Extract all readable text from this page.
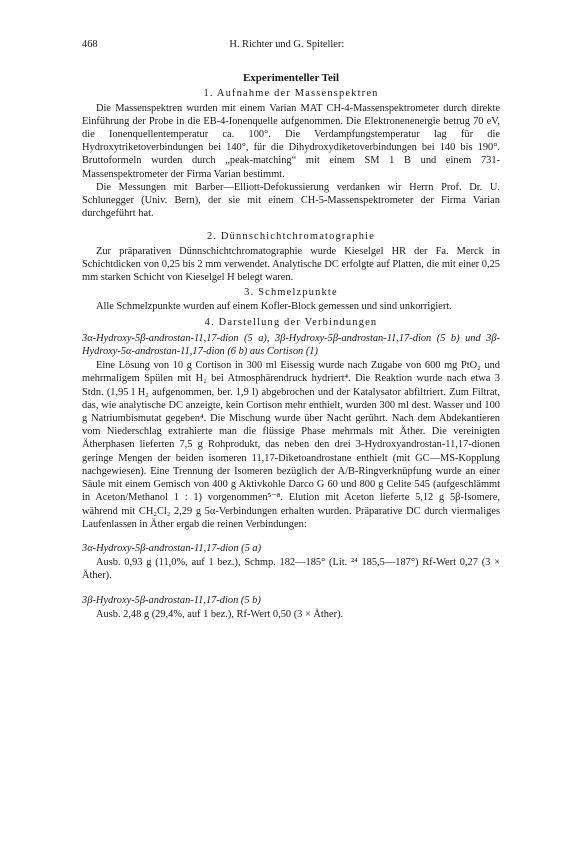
468	H. Richter und G. Spiteller:
Experimenteller Teil
1. Aufnahme der Massenspektren

Die Massenspektren wurden mit einem Varian MAT CH-4-Massenspektrometer durch direkte Einführung der Probe in die EB-4-Ionenquelle aufgenommen. Die Elektronenenergie betrug 70 eV, die Ionenquellentemperatur ca. 100°. Die Verdampfungstemperatur lag für die Hydroxytriketoverbindungen bei 140°, für die Dihydroxydiketoverbindungen bei 140 bis 190°. Bruttoformeln wurden durch „peak-matching“ mit einem SM 1 B und einem 731-Massenspektrometer der Firma Varian bestimmt.

Die Messungen mit Barber—Elliott-Defokussierung verdanken wir Herrn Prof. Dr. U. Schlunegger (Univ. Bern), der sie mit einem CH-5-Massenspektrometer der Firma Varian durchgeführt hat.

2. Dünnschichtchromatographie

Zur präparativen Dünnschichtchromatographie wurde Kieselgel HR der Fa. Merck in Schichtdicken von 0,25 bis 2 mm verwendet. Analytische DC erfolgte auf Platten, die mit einer 0,25 mm starken Schicht von Kieselgel H belegt waren.

3. Schmelzpunkte

Alle Schmelzpunkte wurden auf einem Kofler-Block gemessen und sind unkorrigiert.

4. Darstellung der Verbindungen

3α-Hydroxy-5β-androstan-11,17-dion (5 a), 3β-Hydroxy-5β-androstan-11,17-dion (5 b) und 3β-Hydroxy-5α-androstan-11,17-dion (6 b) aus Cortison (1)

Eine Lösung von 10 g Cortison in 300 ml Eisessig wurde nach Zugabe von 600 mg PtO₂ und mehrmaligem Spülen mit H₂ bei Atmosphärendruck hydriert⁴. Die Reaktion wurde nach etwa 3 Stdn. (1,95 l H₂ aufgenommen, ber. 1,9 l) abgebrochen und der Katalysator abfiltriert. Zum Filtrat, das, wie analytische DC anzeigte, kein Cortison mehr enthielt, wurden 300 ml dest. Wasser und 100 g Natriumbismutat gegeben⁴. Die Mischung wurde über Nacht gerührt. Nach dem Abdekantieren vom Niederschlag extrahierte man die flüssige Phase mehrmals mit Äther. Die vereinigten Ätherphasen lieferten 7,5 g Rohprodukt, das neben den drei 3-Hydroxyandrostan-11,17-dionen geringe Mengen der beiden isomeren 11,17-Diketoandrostane enthielt (mit GC—MS-Kopplung nachgewiesen). Eine Trennung der Isomeren bezüglich der A/B-Ringverknüpfung wurde an einer Säule mit einem Gemisch von 400 g Aktivkohle Darco G 60 und 800 g Celite 545 (aufgeschlämmt in Aceton/Methanol 1 : 1) vorgenommen⁵⁻⁸. Elution mit Aceton lieferte 5,12 g 5β-Isomere, während mit CH₂Cl₂ 2,29 g 5α-Verbindungen erhalten wurden. Präparative DC durch viermaliges Laufenlassen in Äther ergab die reinen Verbindungen:

3α-Hydroxy-5β-androstan-11,17-dion (5 a)

Ausb. 0,93 g (11,0%, auf 1 bez.), Schmp. 182—185° (Lit. ²⁴ 185,5—187°) Rf-Wert 0,27 (3 × Äther).

3β-Hydroxy-5β-androstan-11,17-dion (5 b)

Ausb. 2,48 g (29,4%, auf 1 bez.), Rf-Wert 0,50 (3 × Äther).
